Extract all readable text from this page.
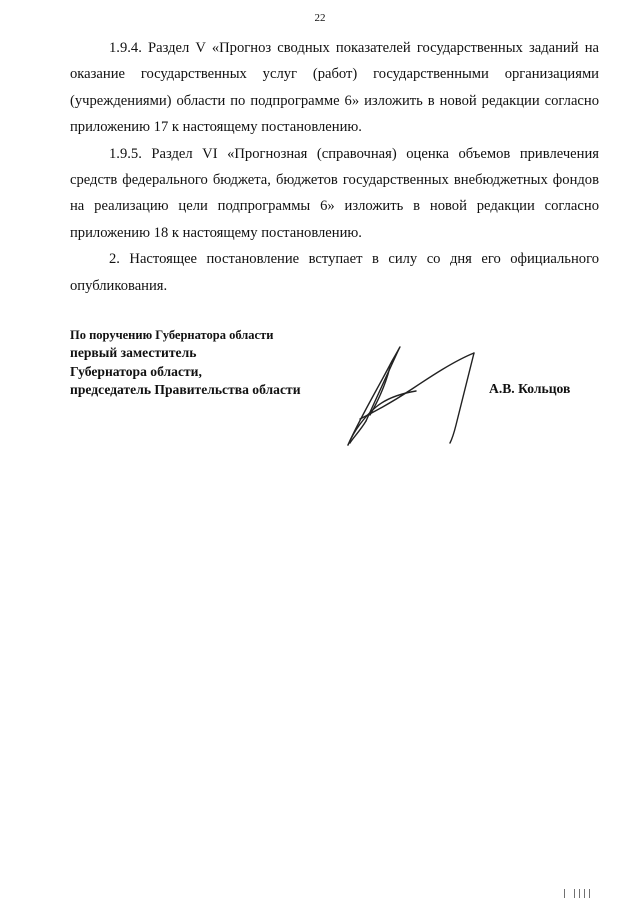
22

1.9.4. Раздел V «Прогноз сводных показателей государственных заданий на оказание государственных услуг (работ) государственными организациями (учреждениями) области по подпрограмме 6» изложить в новой редакции согласно приложению 17 к настоящему постановлению.

1.9.5. Раздел VI «Прогнозная (справочная) оценка объемов привлечения средств федерального бюджета, бюджетов государственных внебюджетных фондов на реализацию цели подпрограммы 6» изложить в новой редакции согласно приложению 18 к настоящему постановлению.

2. Настоящее постановление вступает в силу со дня его официального опубликования.

По поручению Губернатора области
первый заместитель
Губернатора области,
председатель Правительства области	А.В. Кольцов
| ||||
